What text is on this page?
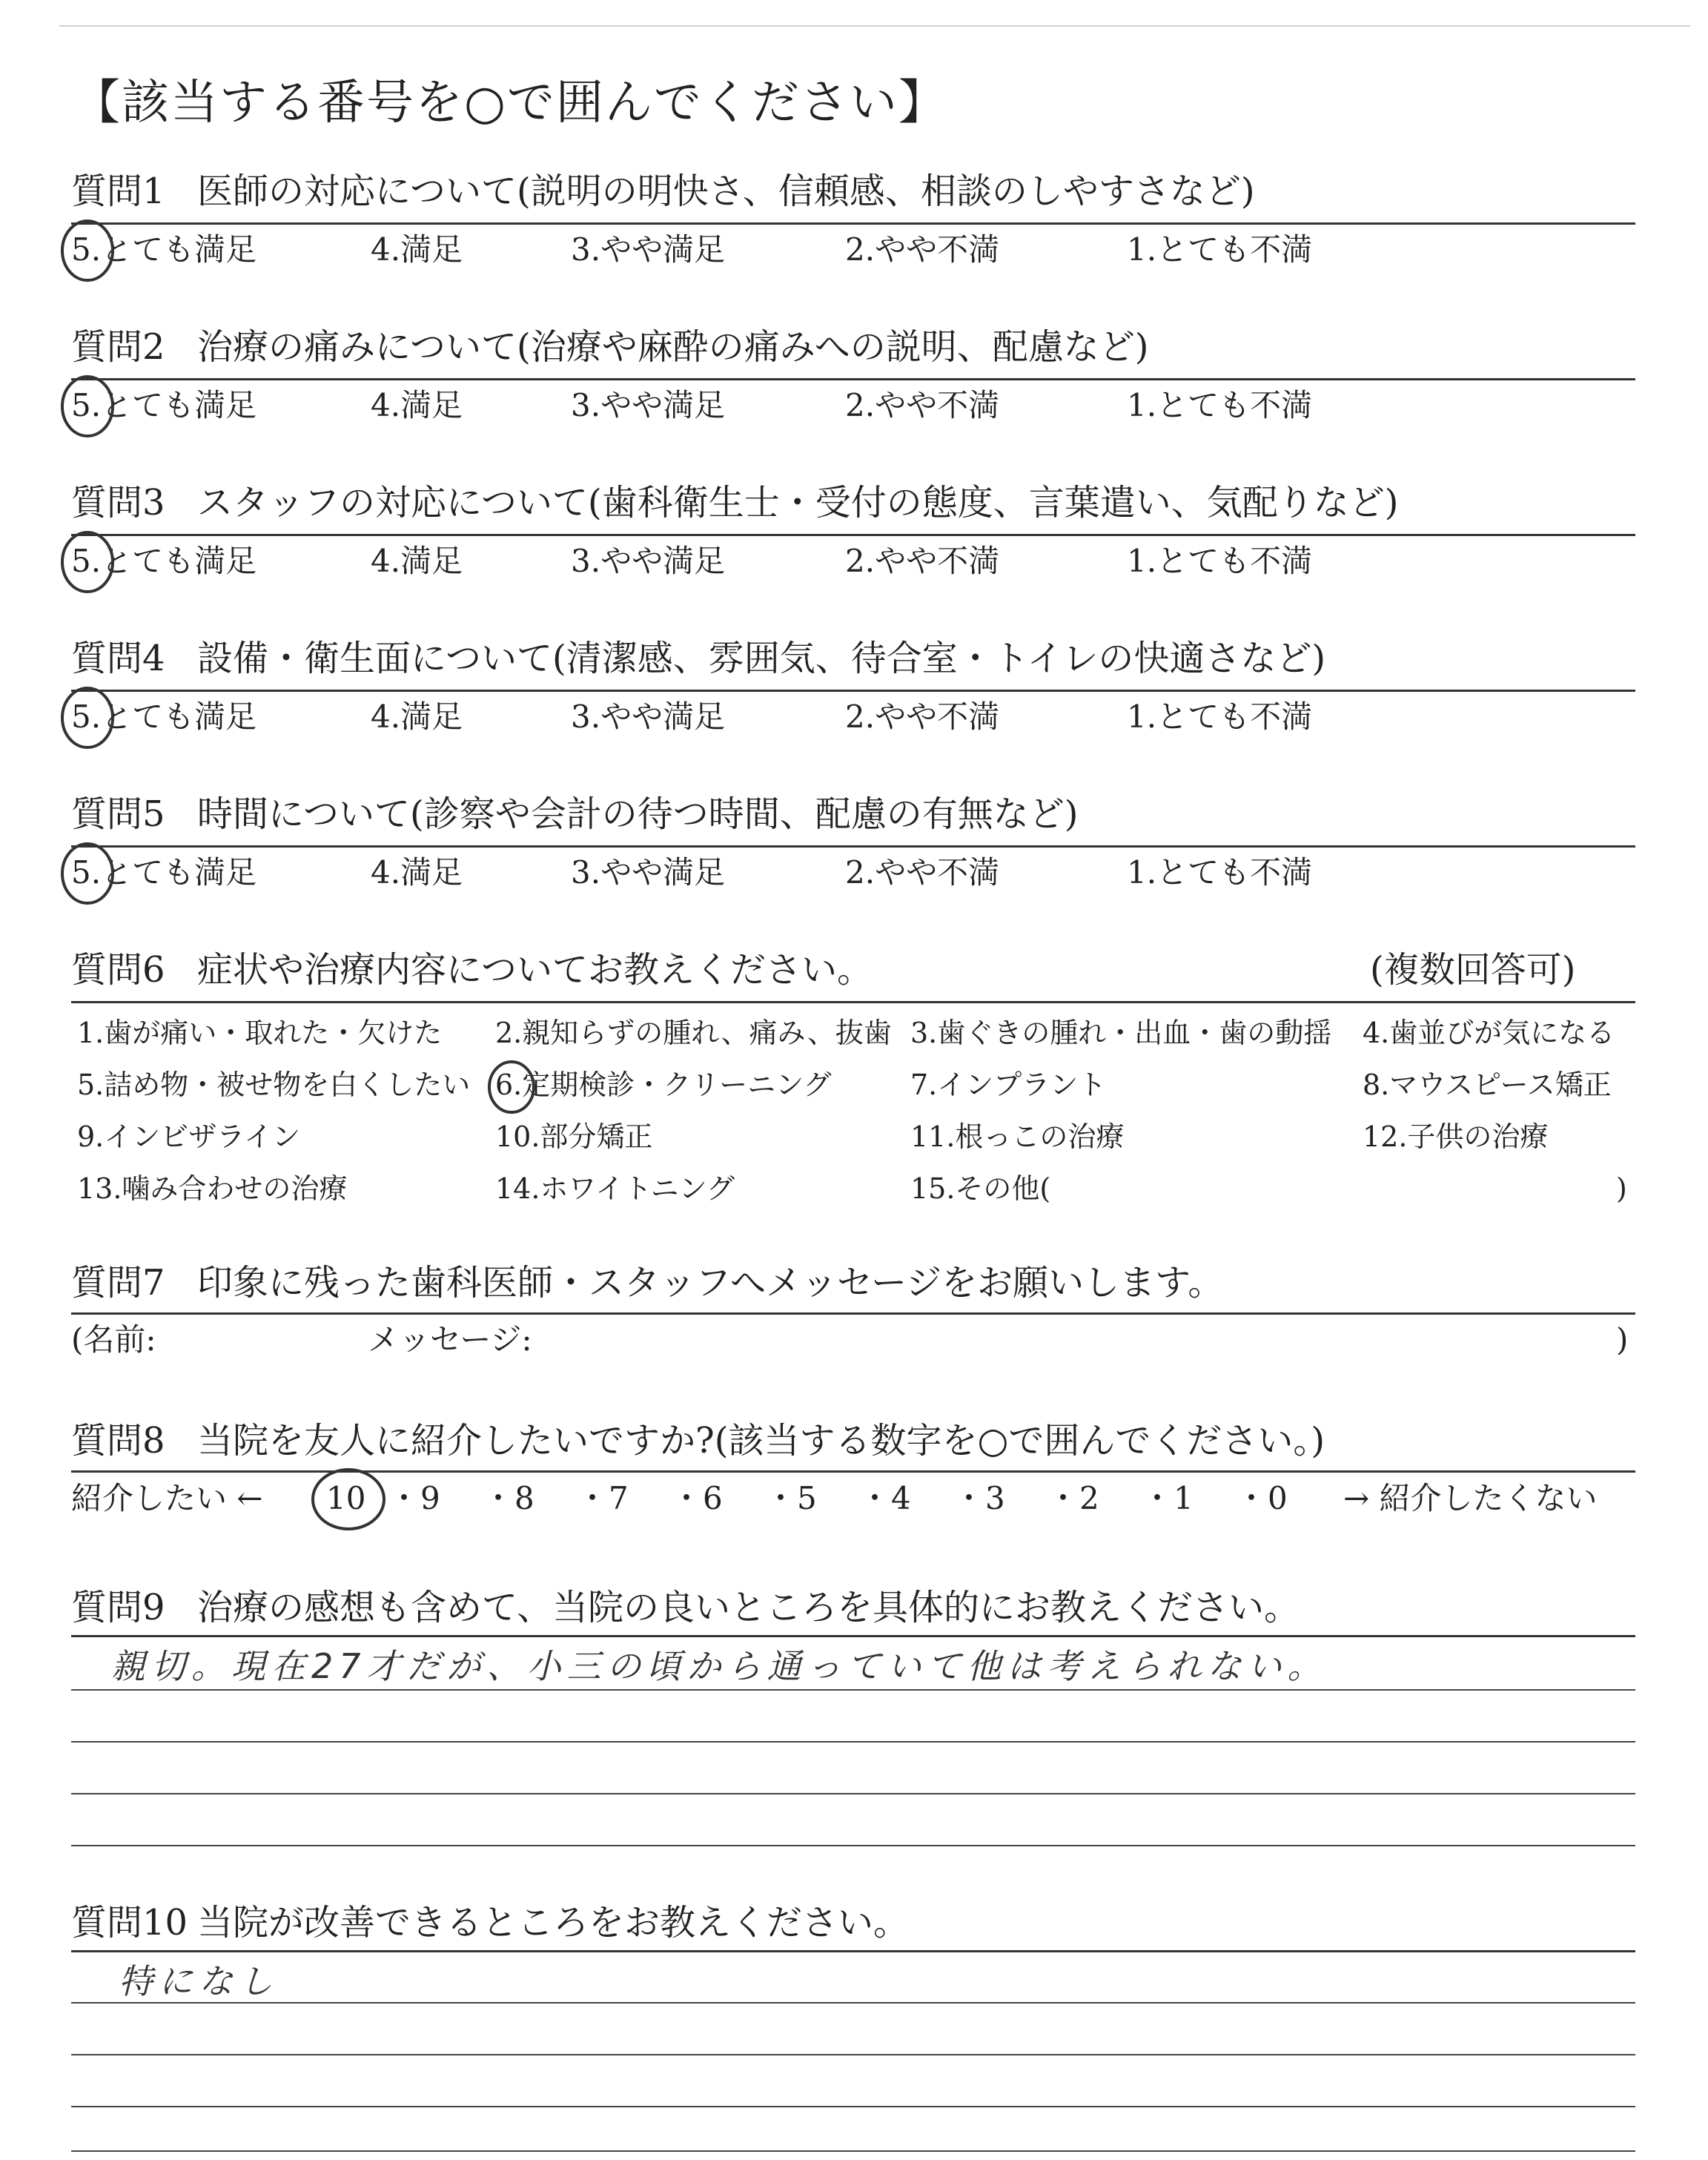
【該当する番号を○で囲んでください】
質問1 医師の対応について(説明の明快さ、信頼感、相談のしやすさなど)
5.とても満足	4.満足	3.やや満足	2.やや不満	1.とても不満
質問2 治療の痛みについて(治療や麻酔の痛みへの説明、配慮など)
5.とても満足	4.満足	3.やや満足	2.やや不満	1.とても不満
質問3 スタッフの対応について(歯科衛生士・受付の態度、言葉遣い、気配りなど)
5.とても満足	4.満足	3.やや満足	2.やや不満	1.とても不満
質問4 設備・衛生面について(清潔感、雰囲気、待合室・トイレの快適さなど)
5.とても満足	4.満足	3.やや満足	2.やや不満	1.とても不満
質問5 時間について(診察や会計の待つ時間、配慮の有無など)
5.とても満足	4.満足	3.やや満足	2.やや不満	1.とても不満
質問6 症状や治療内容についてお教えください。	(複数回答可)
1.歯が痛い・取れた・欠けた 2.親知らずの腫れ、痛み、抜歯 3.歯ぐきの腫れ・出血・歯の動揺 4.歯並びが気になる
5.詰め物・被せ物を白くしたい 6.定期検診・クリーニング	7.インプラント	8.マウスピース矯正
9.インビザライン	10.部分矯正	11.根っこの治療	12.子供の治療
13.噛み合わせの治療	14.ホワイトニング	15.その他(	)
質問7 印象に残った歯科医師・スタッフへメッセージをお願いします。
(名前:	メッセージ:	)
質問8 当院を友人に紹介したいですか?(該当する数字を○で囲んでください。)
紹介したい ←	→ 紹介したくない
10 ・ 9 ・ 8 ・ 7 ・ 6 ・ 5 ・ 4 ・ 3 ・ 2 ・ 1 ・ 0
質問9 治療の感想も含めて、当院の良いところを具体的にお教えください。
親切。現在27才だが、小三の頃から通っていて他は考えられない。
質問10 当院が改善できるところをお教えください。
特になし
